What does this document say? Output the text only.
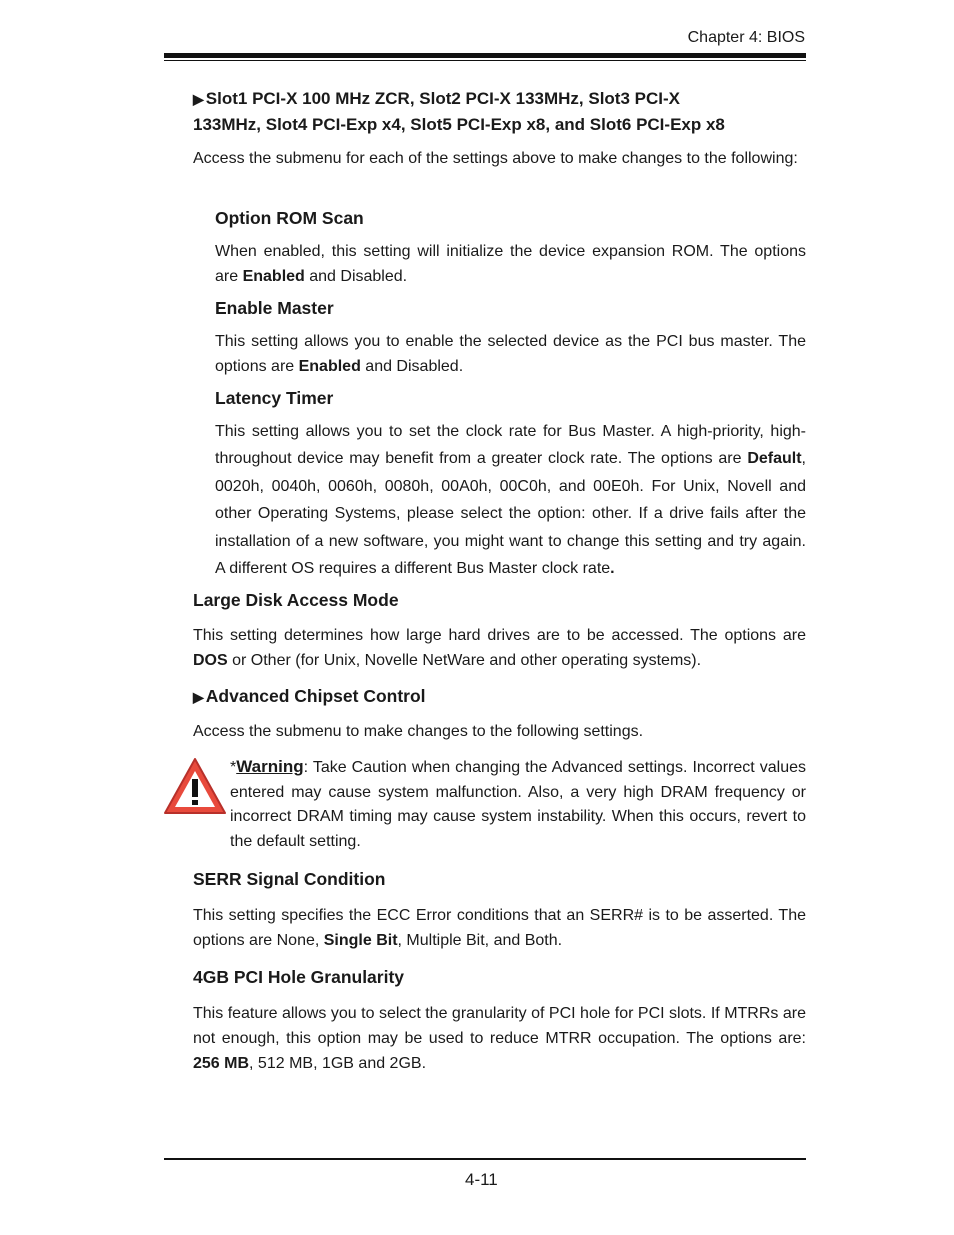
Chapter 4: BIOS
▶ Slot1 PCI-X 100 MHz ZCR, Slot2 PCI-X 133MHz, Slot3 PCI-X
133MHz, Slot4 PCI-Exp x4, Slot5 PCI-Exp x8, and Slot6 PCI-Exp x8
Access the submenu for each of the settings above to make changes to the following:
Option ROM Scan
When enabled, this setting will initialize the device expansion ROM. The options are Enabled and Disabled.
Enable Master
This setting allows you to enable the selected device as the PCI bus master. The options are Enabled and Disabled.
Latency Timer
This setting allows you to set the clock rate for Bus Master. A high-priority, high-throughout device may benefit from a greater clock rate. The options are Default, 0020h, 0040h, 0060h, 0080h, 00A0h, 00C0h, and 00E0h. For Unix, Novell and other Operating Systems, please select the option: other. If a drive fails after the installation of a new software, you might want to change this setting and try again. A different OS requires a different Bus Master clock rate.
Large Disk Access Mode
This setting determines how large hard drives are to be accessed. The options are DOS or Other (for Unix, Novelle NetWare and other operating systems).
▶ Advanced Chipset Control
Access the submenu to make changes to the following settings.
*Warning: Take Caution when changing the Advanced settings. Incorrect values entered may cause system malfunction. Also, a very high DRAM frequency or incorrect DRAM timing may cause system instability. When this occurs, revert to the default setting.
SERR Signal Condition
This setting specifies the ECC Error conditions that an SERR# is to be asserted. The options are None, Single Bit, Multiple Bit, and Both.
4GB PCI Hole Granularity
This feature allows you to select the granularity of PCI hole for PCI slots. If MTRRs are not enough, this option may be used to reduce MTRR occupation. The options are: 256 MB, 512 MB, 1GB and 2GB.
4-11
